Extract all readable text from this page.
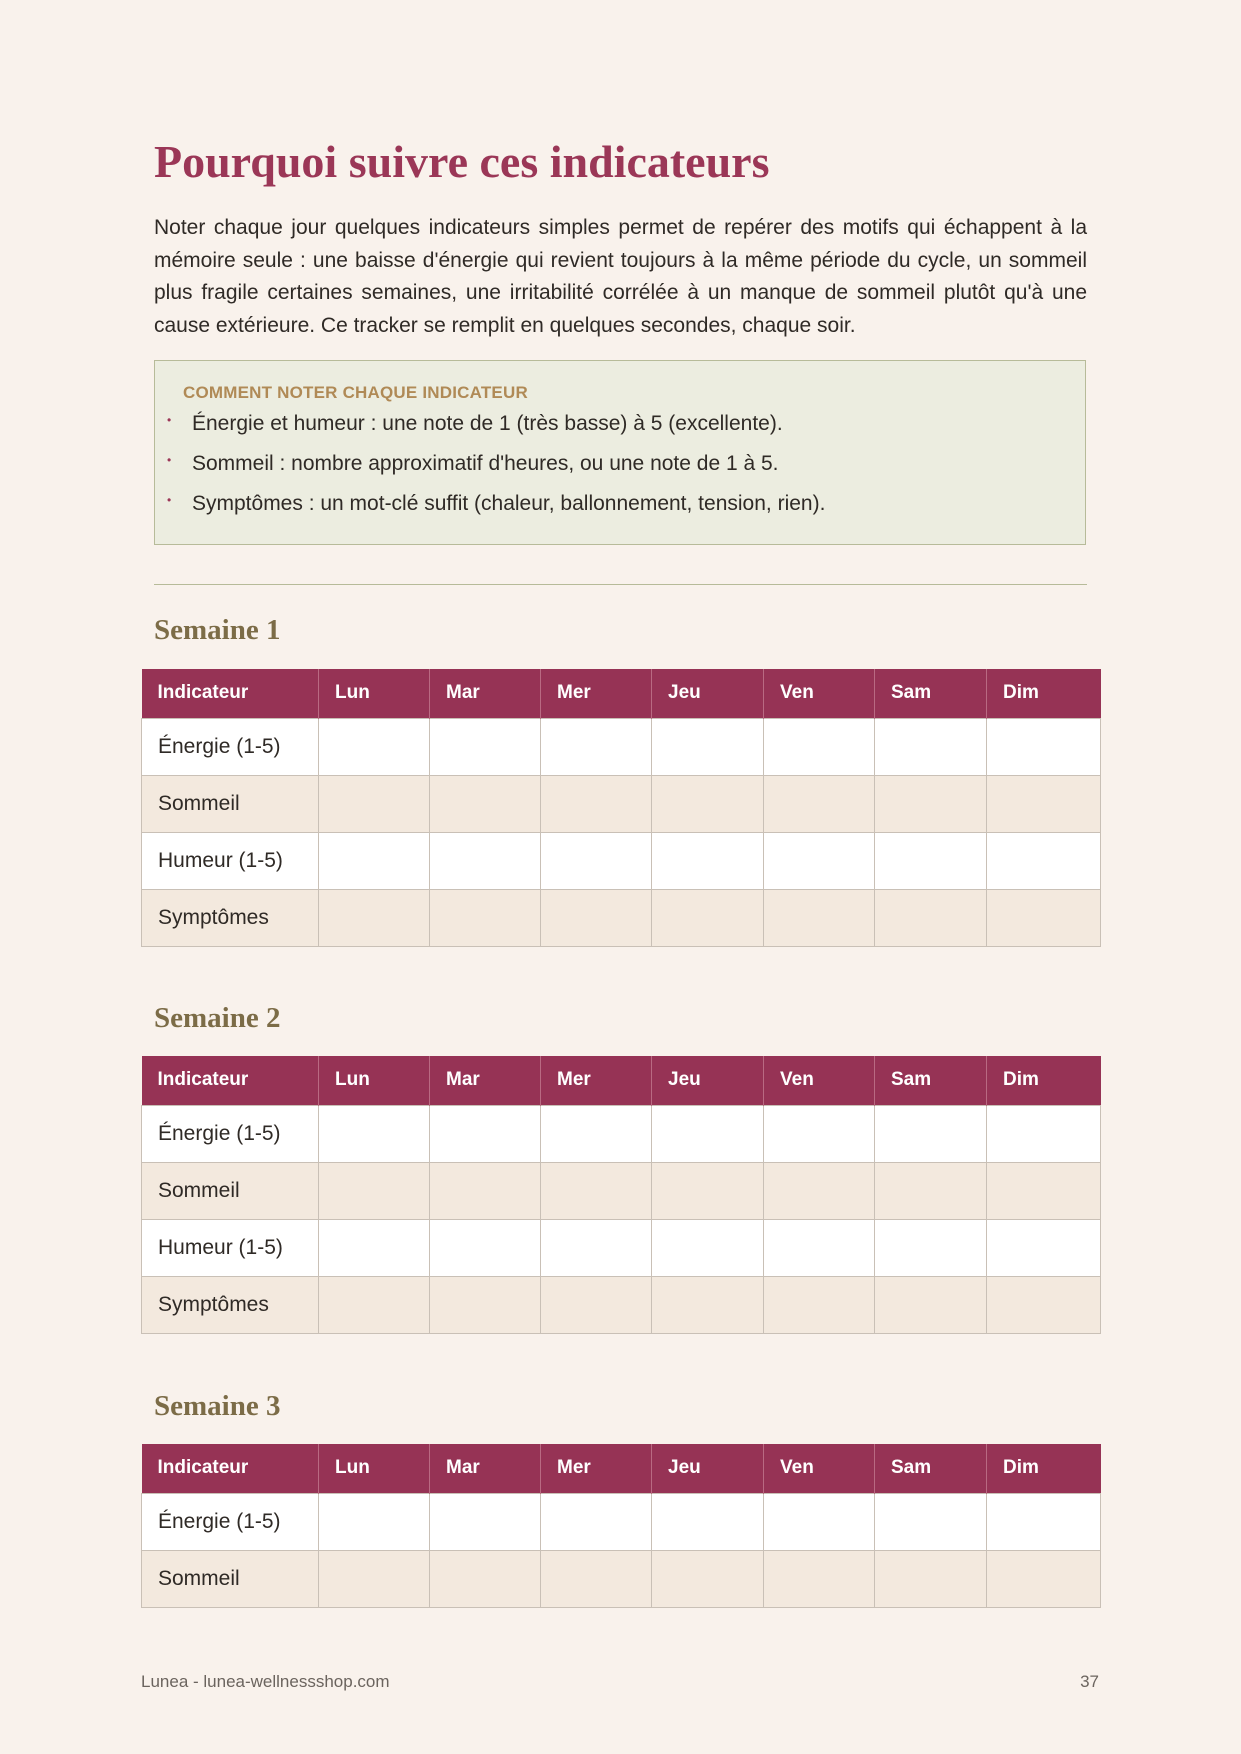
Pourquoi suivre ces indicateurs

Noter chaque jour quelques indicateurs simples permet de repérer des motifs qui échappent à la mémoire seule : une baisse d'énergie qui revient toujours à la même période du cycle, un sommeil plus fragile certaines semaines, une irritabilité corrélée à un manque de sommeil plutôt qu'à une cause extérieure. Ce tracker se remplit en quelques secondes, chaque soir.

COMMENT NOTER CHAQUE INDICATEUR
• Énergie et humeur : une note de 1 (très basse) à 5 (excellente).
• Sommeil : nombre approximatif d'heures, ou une note de 1 à 5.
• Symptômes : un mot-clé suffit (chaleur, ballonnement, tension, rien).
Semaine 1
Indicateur	Lun	Mar	Mer	Jeu	Ven	Sam	Dim
Énergie (1-5)							
Sommeil							
Humeur (1-5)							
Symptômes							
Semaine 2
Indicateur	Lun	Mar	Mer	Jeu	Ven	Sam	Dim
Énergie (1-5)							
Sommeil							
Humeur (1-5)							
Symptômes							
Semaine 3
Indicateur	Lun	Mar	Mer	Jeu	Ven	Sam	Dim
Énergie (1-5)							
Sommeil							
Lunea - lunea-wellnessshop.com	37
